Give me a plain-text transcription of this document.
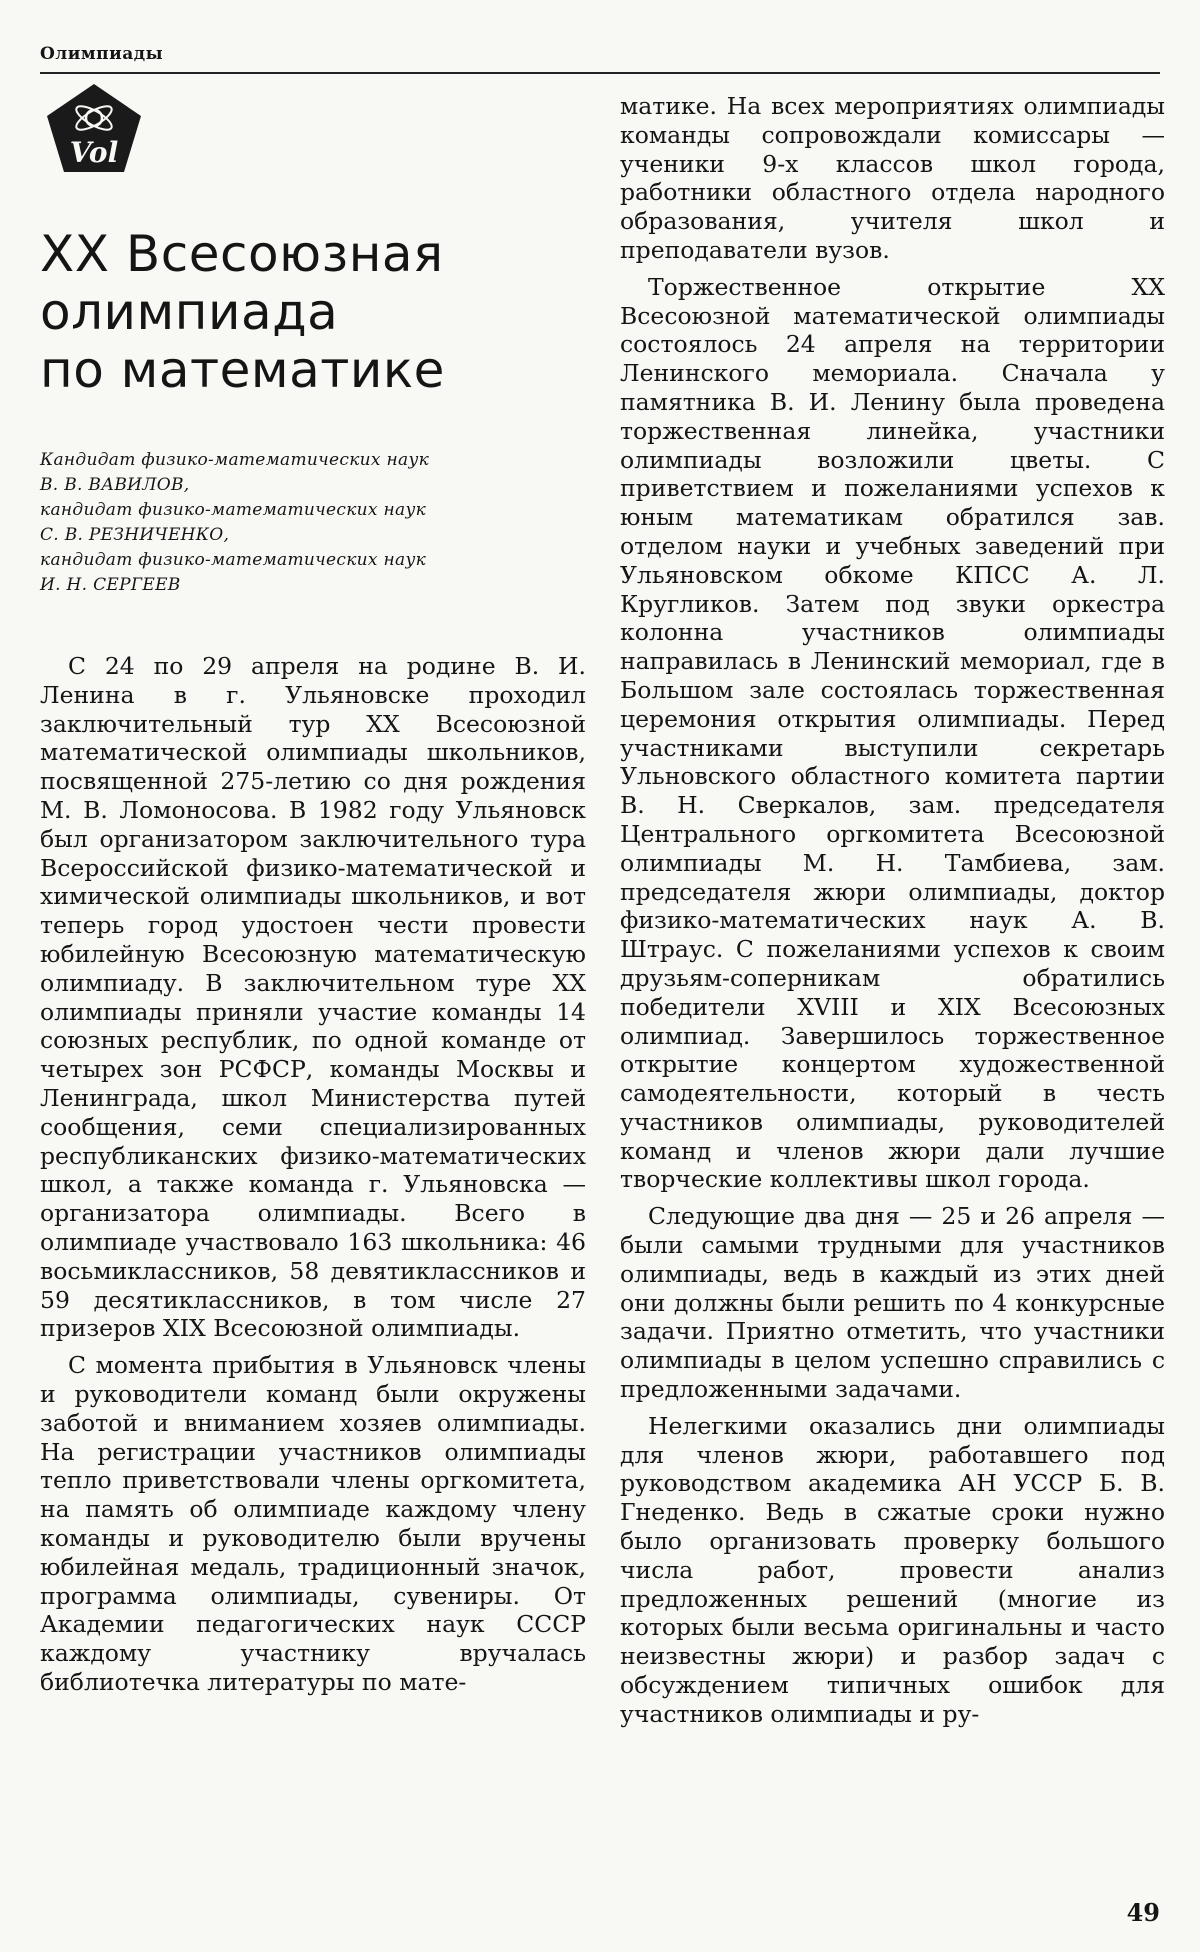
Олимпиады
Vol
XX Всесоюзная
олимпиада
по математике
Кандидат физико-математических наук
В. В. ВАВИЛОВ,
кандидат физико-математических наук
С. В. РЕЗНИЧЕНКО,
кандидат физико-математических наук
И. Н. СЕРГЕЕВ

С 24 по 29 апреля на родине В. И. Ленина в г. Ульяновске проходил заключительный тур XX Всесоюзной математической олимпиады школьников, посвященной 275-летию со дня рождения М. В. Ломоносова. В 1982 году Ульяновск был организатором заключительного тура Всероссийской физико-математической и химической олимпиады школьников, и вот теперь город удостоен чести провести юбилейную Всесоюзную математическую олимпиаду. В заключительном туре XX олимпиады приняли участие команды 14 союзных республик, по одной команде от четырех зон РСФСР, команды Москвы и Ленинграда, школ Министерства путей сообщения, семи специализированных республиканских физико-математических школ, а также команда г. Ульяновска — организатора олимпиады. Всего в олимпиаде участвовало 163 школьника: 46 восьмиклассников, 58 девятиклассников и 59 десятиклассников, в том числе 27 призеров XIX Всесоюзной олимпиады.

С момента прибытия в Ульяновск члены и руководители команд были окружены заботой и вниманием хозяев олимпиады. На регистрации участников олимпиады тепло приветствовали члены оргкомитета, на память об олимпиаде каждому члену команды и руководителю были вручены юбилейная медаль, традиционный значок, программа олимпиады, сувениры. От Академии педагогических наук СССР каждому участнику вручалась библиотечка литературы по мате-

матике. На всех мероприятиях олимпиады команды сопровождали комиссары — ученики 9-х классов школ города, работники областного отдела народного образования, учителя школ и преподаватели вузов.

Торжественное открытие XX Всесоюзной математической олимпиады состоялось 24 апреля на территории Ленинского мемориала. Сначала у памятника В. И. Ленину была проведена торжественная линейка, участники олимпиады возложили цветы. С приветствием и пожеланиями успехов к юным математикам обратился зав. отделом науки и учебных заведений при Ульяновском обкоме КПСС А. Л. Кругликов. Затем под звуки оркестра колонна участников олимпиады направилась в Ленинский мемориал, где в Большом зале состоялась торжественная церемония открытия олимпиады. Перед участниками выступили секретарь Ульновского областного комитета партии В. Н. Сверкалов, зам. председателя Центрального оргкомитета Всесоюзной олимпиады М. Н. Тамбиева, зам. председателя жюри олимпиады, доктор физико-математических наук А. В. Штраус. С пожеланиями успехов к своим друзьям-соперникам обратились победители XVIII и XIX Всесоюзных олимпиад. Завершилось торжественное открытие концертом художественной самодеятельности, который в честь участников олимпиады, руководителей команд и членов жюри дали лучшие творческие коллективы школ города.

Следующие два дня — 25 и 26 апреля — были самыми трудными для участников олимпиады, ведь в каждый из этих дней они должны были решить по 4 конкурсные задачи. Приятно отметить, что участники олимпиады в целом успешно справились с предложенными задачами.

Нелегкими оказались дни олимпиады для членов жюри, работавшего под руководством академика АН УССР Б. В. Гнеденко. Ведь в сжатые сроки нужно было организовать проверку большого числа работ, провести анализ предложенных решений (многие из которых были весьма оригинальны и часто неизвестны жюри) и разбор задач с обсуждением типичных ошибок для участников олимпиады и ру-

49
